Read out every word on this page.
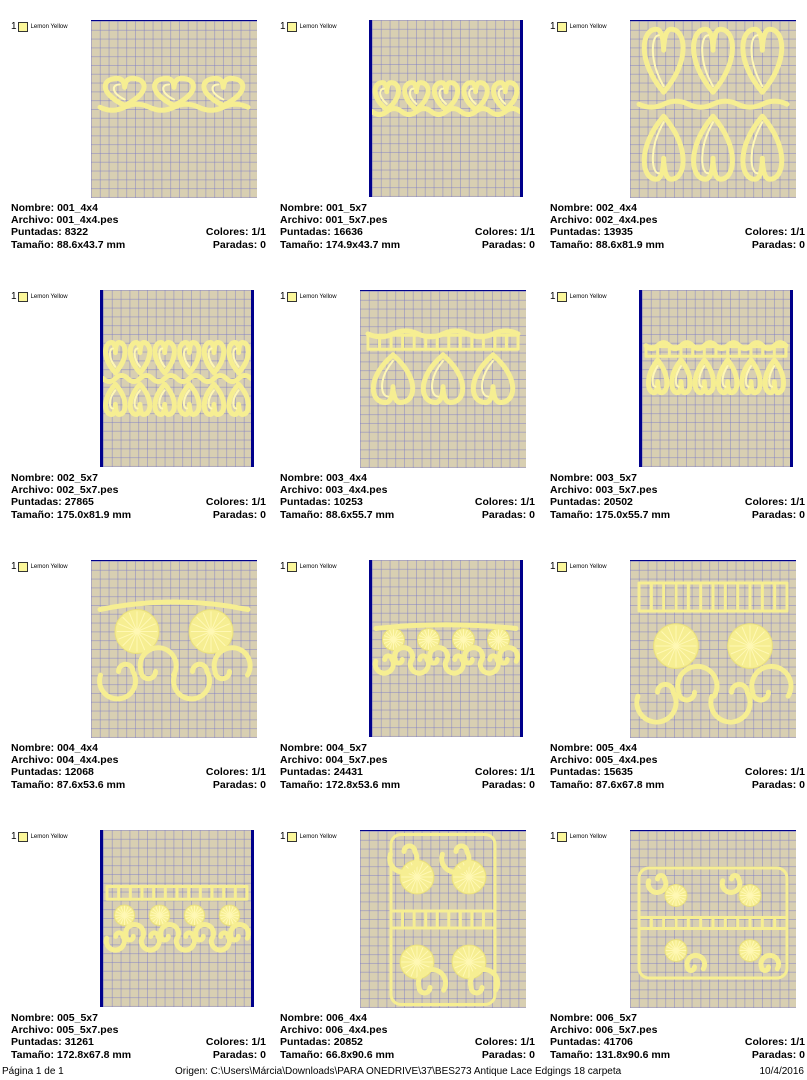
1 Lemon Yellow
Nombre: 001_4x4
Archivo: 001_4x4.pes
Puntadas: 8322	Colores: 1/1
Tamaño: 88.6x43.7 mm	Paradas: 0
1 Lemon Yellow
Nombre: 001_5x7
Archivo: 001_5x7.pes
Puntadas: 16636	Colores: 1/1
Tamaño: 174.9x43.7 mm	Paradas: 0
1 Lemon Yellow
Nombre: 002_4x4
Archivo: 002_4x4.pes
Puntadas: 13935	Colores: 1/1
Tamaño: 88.6x81.9 mm	Paradas: 0
1 Lemon Yellow
Nombre: 002_5x7
Archivo: 002_5x7.pes
Puntadas: 27865	Colores: 1/1
Tamaño: 175.0x81.9 mm	Paradas: 0
1 Lemon Yellow
Nombre: 003_4x4
Archivo: 003_4x4.pes
Puntadas: 10253	Colores: 1/1
Tamaño: 88.6x55.7 mm	Paradas: 0
1 Lemon Yellow
Nombre: 003_5x7
Archivo: 003_5x7.pes
Puntadas: 20502	Colores: 1/1
Tamaño: 175.0x55.7 mm	Paradas: 0
1 Lemon Yellow
Nombre: 004_4x4
Archivo: 004_4x4.pes
Puntadas: 12068	Colores: 1/1
Tamaño: 87.6x53.6 mm	Paradas: 0
1 Lemon Yellow
Nombre: 004_5x7
Archivo: 004_5x7.pes
Puntadas: 24431	Colores: 1/1
Tamaño: 172.8x53.6 mm	Paradas: 0
1 Lemon Yellow
Nombre: 005_4x4
Archivo: 005_4x4.pes
Puntadas: 15635	Colores: 1/1
Tamaño: 87.6x67.8 mm	Paradas: 0
1 Lemon Yellow
Nombre: 005_5x7
Archivo: 005_5x7.pes
Puntadas: 31261	Colores: 1/1
Tamaño: 172.8x67.8 mm	Paradas: 0
1 Lemon Yellow
Nombre: 006_4x4
Archivo: 006_4x4.pes
Puntadas: 20852	Colores: 1/1
Tamaño: 66.8x90.6 mm	Paradas: 0
1 Lemon Yellow
Nombre: 006_5x7
Archivo: 006_5x7.pes
Puntadas: 41706	Colores: 1/1
Tamaño: 131.8x90.6 mm	Paradas: 0
Página 1 de 1	Origen: C:\Users\Márcia\Downloads\PARA ONEDRIVE\37\BES273 Antique Lace Edgings 18 carpeta	10/4/2016
